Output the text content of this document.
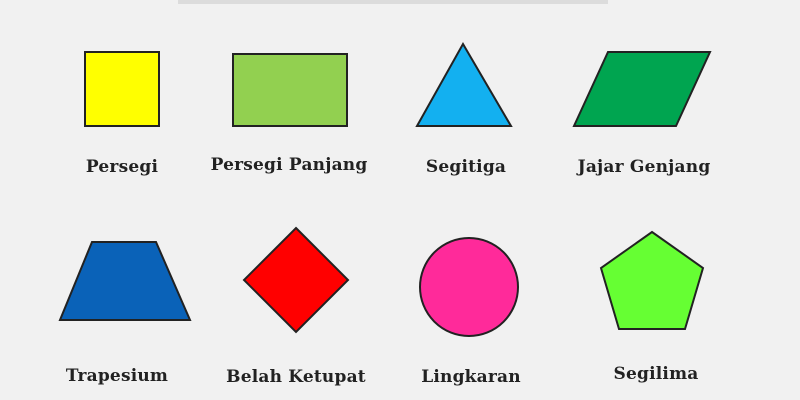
Persegi	Persegi Panjang	Segitiga	Jajar Genjang
Trapesium	Belah Ketupat	Lingkaran	Segilima
